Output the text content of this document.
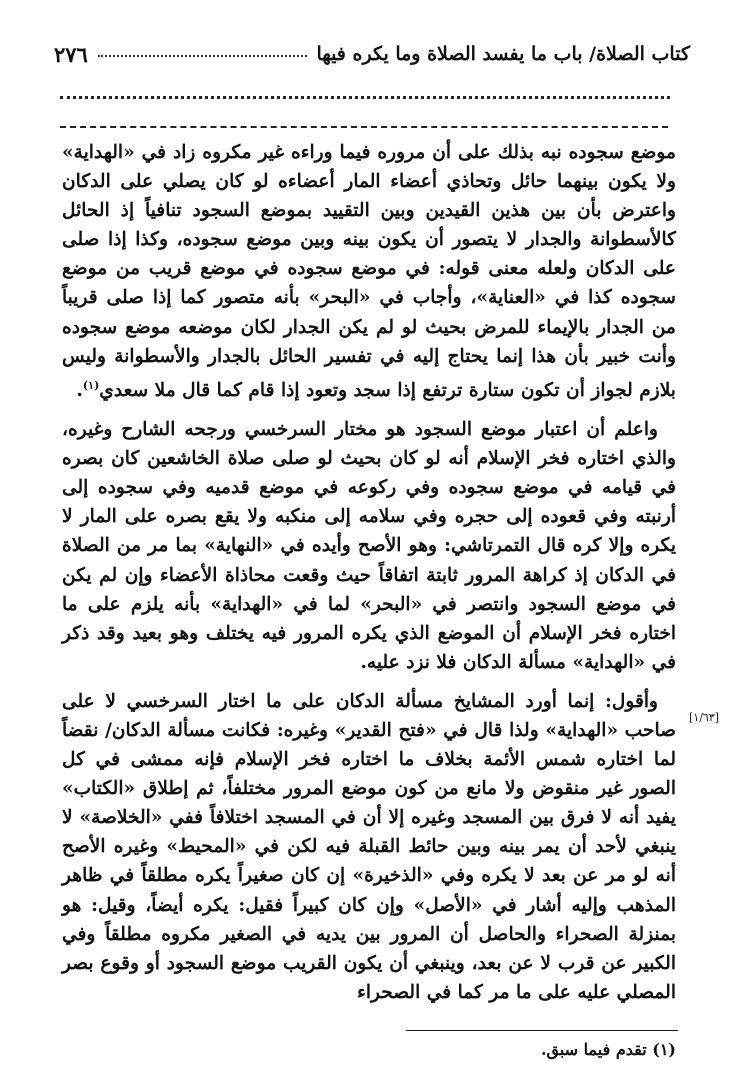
٢٧٦	كتاب الصلاة/ باب ما يفسد الصلاة وما يكره فيها

موضع سجوده نبه بذلك على أن مروره فيما وراءه غير مكروه زاد في «الهداية» ولا يكون بينهما حائل وتحاذي أعضاء المار أعضاءه لو كان يصلي على الدكان واعترض بأن بين هذين القيدين وبين التقييد بموضع السجود تنافياً إذ الحائل كالأسطوانة والجدار لا يتصور أن يكون بينه وبين موضع سجوده، وكذا إذا صلى على الدكان ولعله معنى قوله: في موضع سجوده في موضع قريب من موضع سجوده كذا في «العناية»، وأجاب في «البحر» بأنه متصور كما إذا صلى قريباً من الجدار بالإيماء للمرض بحيث لو لم يكن الجدار لكان موضعه موضع سجوده وأنت خبير بأن هذا إنما يحتاج إليه في تفسير الحائل بالجدار والأسطوانة وليس بلازم لجواز أن تكون ستارة ترتفع إذا سجد وتعود إذا قام كما قال ملا سعدي$^{(١)}$.

واعلم أن اعتبار موضع السجود هو مختار السرخسي ورجحه الشارح وغيره، والذي اختاره فخر الإسلام أنه لو كان بحيث لو صلى صلاة الخاشعين كان بصره في قيامه في موضع سجوده وفي ركوعه في موضع قدميه وفي سجوده إلى أرنبته وفي قعوده إلى حجره وفي سلامه إلى منكبه ولا يقع بصره على المار لا يكره وإلا كره قال التمرتاشي: وهو الأصح وأيده في «النهاية» بما مر من الصلاة في الدكان إذ كراهة المرور ثابتة اتفاقاً حيث وقعت محاذاة الأعضاء وإن لم يكن في موضع السجود وانتصر في «البحر» لما في «الهداية» بأنه يلزم على ما اختاره فخر الإسلام أن الموضع الذي يكره المرور فيه يختلف وهو بعيد وقد ذكر في «الهداية» مسألة الدكان فلا نزد عليه.

وأقول: إنما أورد المشايخ مسألة الدكان على ما اختار السرخسي لا على صاحب «الهداية» ولذا قال في «فتح القدير» وغيره: فكانت مسألة الدكان/ نقضاً لما اختاره شمس الأئمة بخلاف ما اختاره فخر الإسلام فإنه ممشى في كل الصور غير منقوض ولا مانع من كون موضع المرور مختلفاً، ثم إطلاق «الكتاب» يفيد أنه لا فرق بين المسجد وغيره إلا أن في المسجد اختلافاً ففي «الخلاصة» لا ينبغي لأحد أن يمر بينه وبين حائط القبلة فيه لكن في «المحيط» وغيره الأصح أنه لو مر عن بعد لا يكره وفي «الذخيرة» إن كان صغيراً يكره مطلقاً في ظاهر المذهب وإليه أشار في «الأصل» وإن كان كبيراً فقيل: يكره أيضاً، وقيل: هو بمنزلة الصحراء والحاصل أن المرور بين يديه في الصغير مكروه مطلقاً وفي الكبير عن قرب لا عن بعد، وينبغي أن يكون القريب موضع السجود أو وقوع بصر المصلي عليه على ما مر كما في الصحراء

[١/٦٣]
(١) تقدم فيما سبق.
